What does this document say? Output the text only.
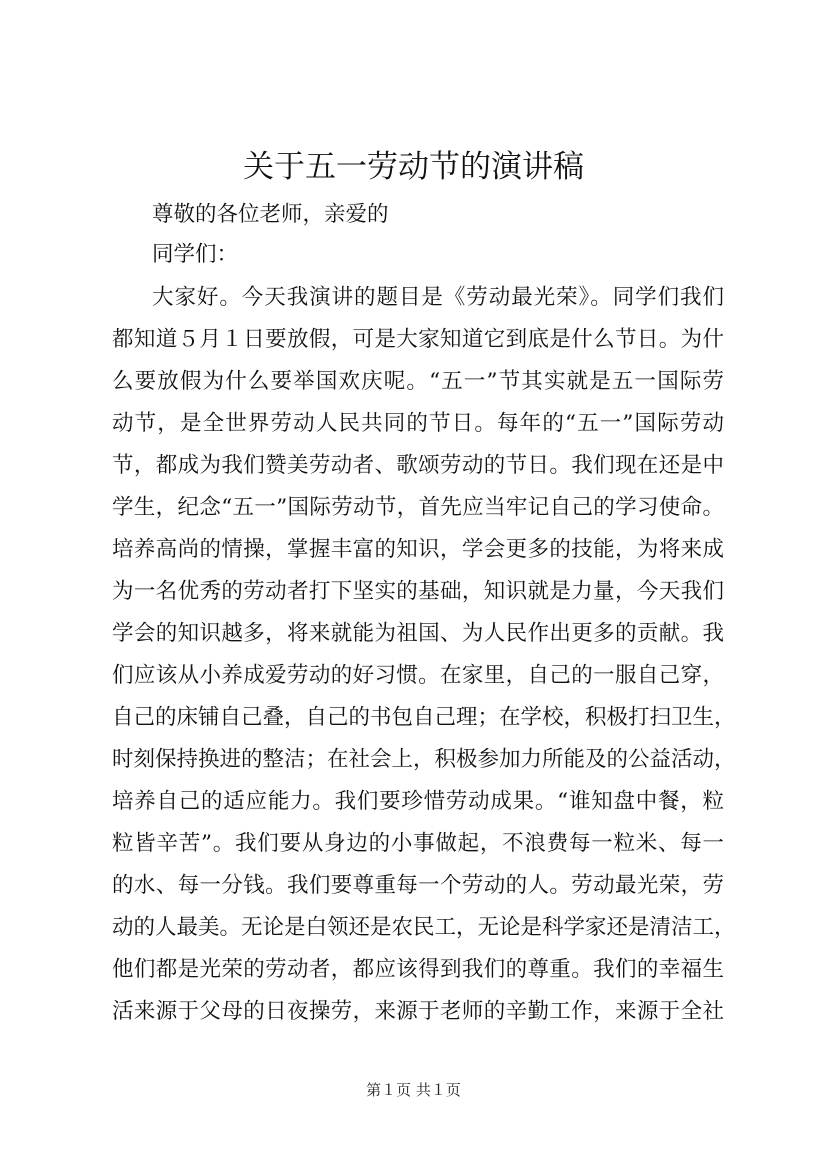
关于五一劳动节的演讲稿

尊敬的各位老师，亲爱的

同学们：

大家好。今天我演讲的题目是《劳动最光荣》。同学们我们

都知道５月１日要放假，可是大家知道它到底是什么节日。为什

么要放假为什么要举国欢庆呢。“五一”节其实就是五一国际劳

动节，是全世界劳动人民共同的节日。每年的“五一”国际劳动

节，都成为我们赞美劳动者、歌颂劳动的节日。我们现在还是中

学生，纪念“五一”国际劳动节，首先应当牢记自己的学习使命。

培养高尚的情操，掌握丰富的知识，学会更多的技能，为将来成

为一名优秀的劳动者打下坚实的基础，知识就是力量，今天我们

学会的知识越多，将来就能为祖国、为人民作出更多的贡献。我

们应该从小养成爱劳动的好习惯。在家里，自己的一服自己穿，

自己的床铺自己叠，自己的书包自己理；在学校，积极打扫卫生，

时刻保持换进的整洁；在社会上，积极参加力所能及的公益活动，

培养自己的适应能力。我们要珍惜劳动成果。“谁知盘中餐，粒

粒皆辛苦”。我们要从身边的小事做起，不浪费每一粒米、每一

的水、每一分钱。我们要尊重每一个劳动的人。劳动最光荣，劳

动的人最美。无论是白领还是农民工，无论是科学家还是清洁工，

他们都是光荣的劳动者，都应该得到我们的尊重。我们的幸福生

活来源于父母的日夜操劳，来源于老师的辛勤工作，来源于全社

第１页 共１页
